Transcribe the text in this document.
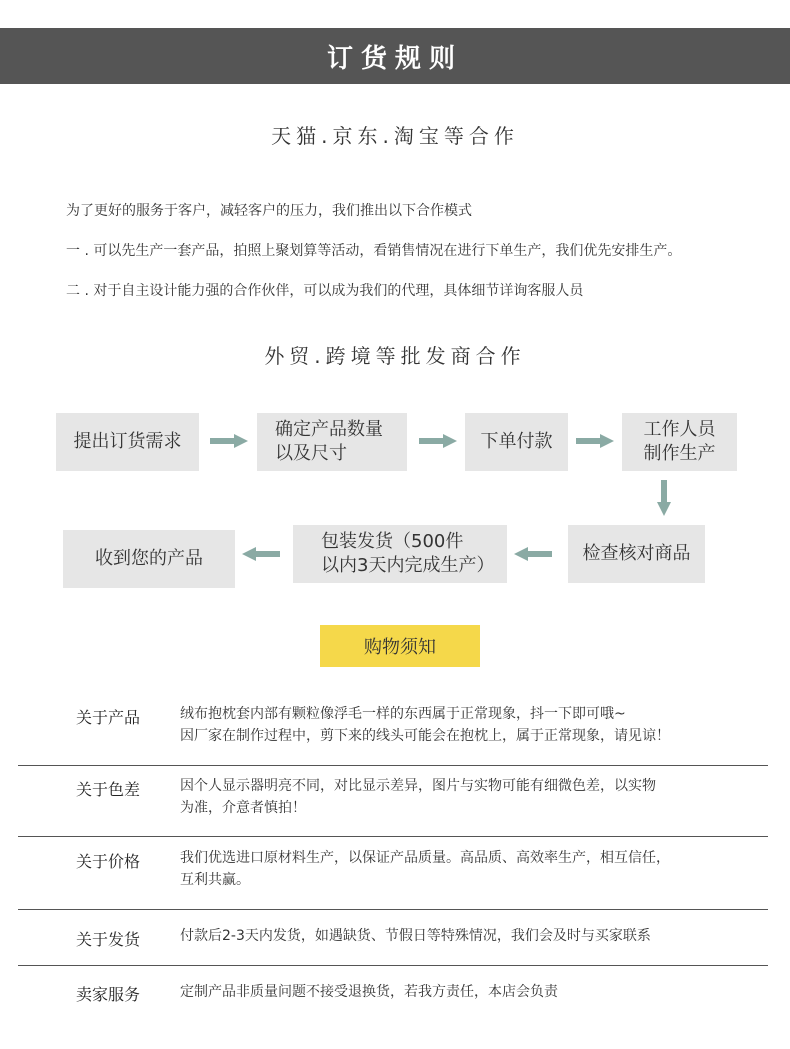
订货规则
天猫.京东.淘宝等合作
为了更好的服务于客户，减轻客户的压力，我们推出以下合作模式
一 . 可以先生产一套产品，拍照上聚划算等活动，看销售情况在进行下单生产，我们优先安排生产。
二 . 对于自主设计能力强的合作伙伴，可以成为我们的代理，具体细节详询客服人员
外贸.跨境等批发商合作
提出订货需求
确定产品数量
以及尺寸
下单付款
工作人员
制作生产
检查核对商品
包装发货（500件
以内3天内完成生产）
收到您的产品
购物须知
关于产品	绒布抱枕套内部有颗粒像浮毛一样的东西属于正常现象，抖一下即可哦~
因厂家在制作过程中，剪下来的线头可能会在抱枕上，属于正常现象，请见谅！
关于色差	因个人显示器明亮不同，对比显示差异，图片与实物可能有细微色差，以实物
为准，介意者慎拍！
关于价格	我们优选进口原材料生产，以保证产品质量。高品质、高效率生产，相互信任，
互利共赢。
关于发货	付款后2-3天内发货，如遇缺货、节假日等特殊情况，我们会及时与买家联系
卖家服务	定制产品非质量问题不接受退换货，若我方责任，本店会负责
